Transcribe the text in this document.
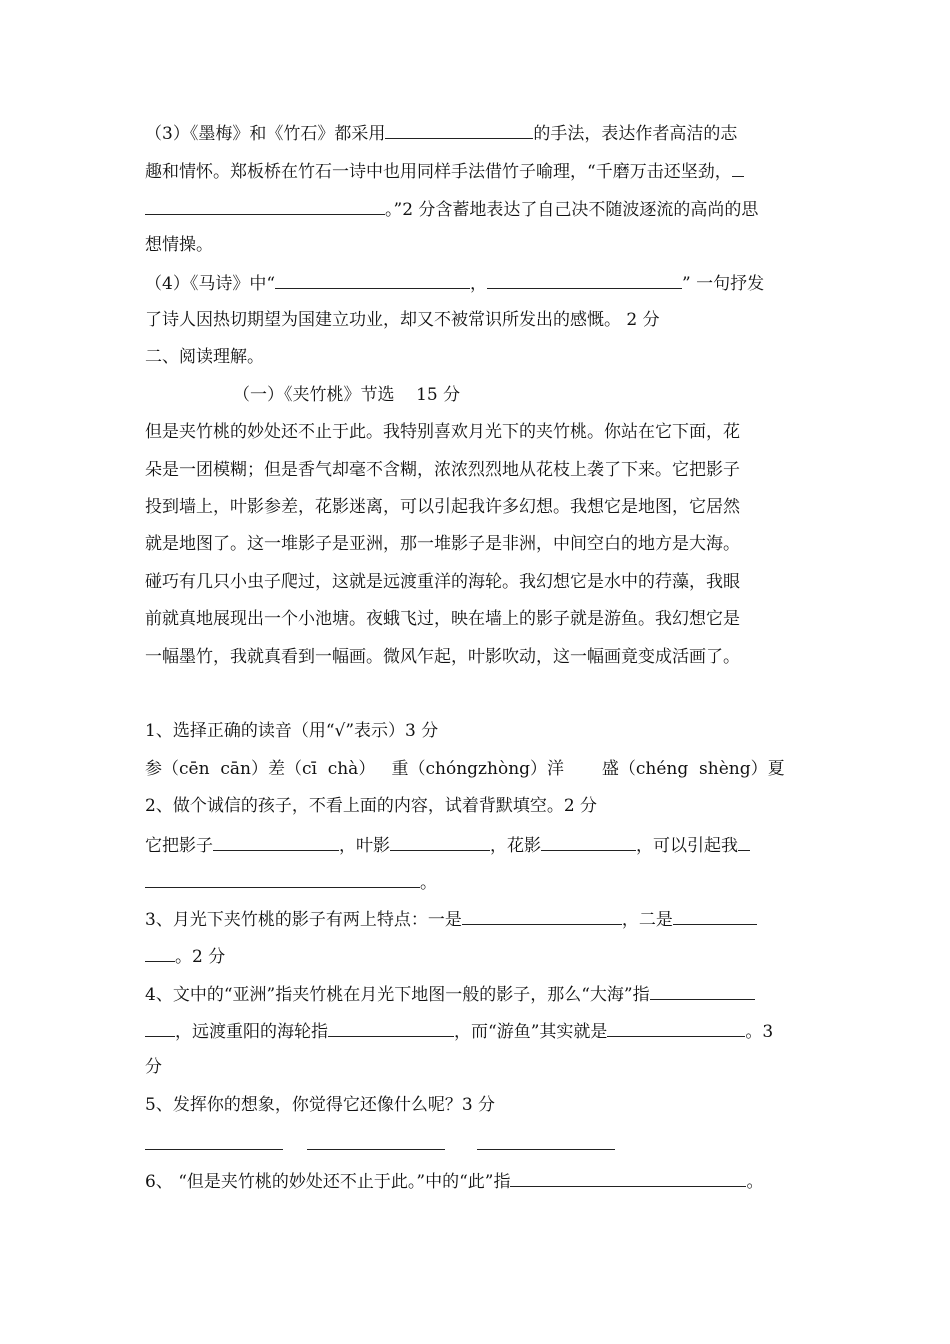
（3）《墨梅》和《竹石》都采用	的手法，表达作者高洁的志
趣和情怀。郑板桥在竹石一诗中也用同样手法借竹子喻理，“千磨万击还坚劲，
。”2 分含蓄地表达了自己决不随波逐流的高尚的思
想情操。
（4）《马诗》中“	，	” 一句抒发
了诗人因热切期望为国建立功业，却又不被常识所发出的感慨。 2 分
二、阅读理解。
（一）《夹竹桃》节选    15 分
但是夹竹桃的妙处还不止于此。我特别喜欢月光下的夹竹桃。你站在它下面，花
朵是一团模糊；但是香气却毫不含糊，浓浓烈烈地从花枝上袭了下来。它把影子
投到墙上，叶影参差，花影迷离，可以引起我许多幻想。我想它是地图，它居然
就是地图了。这一堆影子是亚洲，那一堆影子是非洲，中间空白的地方是大海。
碰巧有几只小虫子爬过，这就是远渡重洋的海轮。我幻想它是水中的荇藻，我眼
前就真地展现出一个小池塘。夜蛾飞过，映在墙上的影子就是游鱼。我幻想它是
一幅墨竹，我就真看到一幅画。微风乍起，叶影吹动，这一幅画竟变成活画了。
1、选择正确的读音（用“√”表示）3 分
参（cēn  cān）差（cī  chà）   重（chóngzhòng）洋       盛（chéng  shèng）夏
2、做个诚信的孩子，不看上面的内容，试着背默填空。2 分
它把影子	，叶影	，花影	，可以引起我
。
3、月光下夹竹桃的影子有两上特点：一是	，二是
。2 分
4、文中的“亚洲”指夹竹桃在月光下地图一般的影子，那么“大海”指
，远渡重阳的海轮指	，而“游鱼”其实就是	。3
分
5、发挥你的想象，你觉得它还像什么呢？3 分
6、 “但是夹竹桃的妙处还不止于此。”中的“此”指	。
